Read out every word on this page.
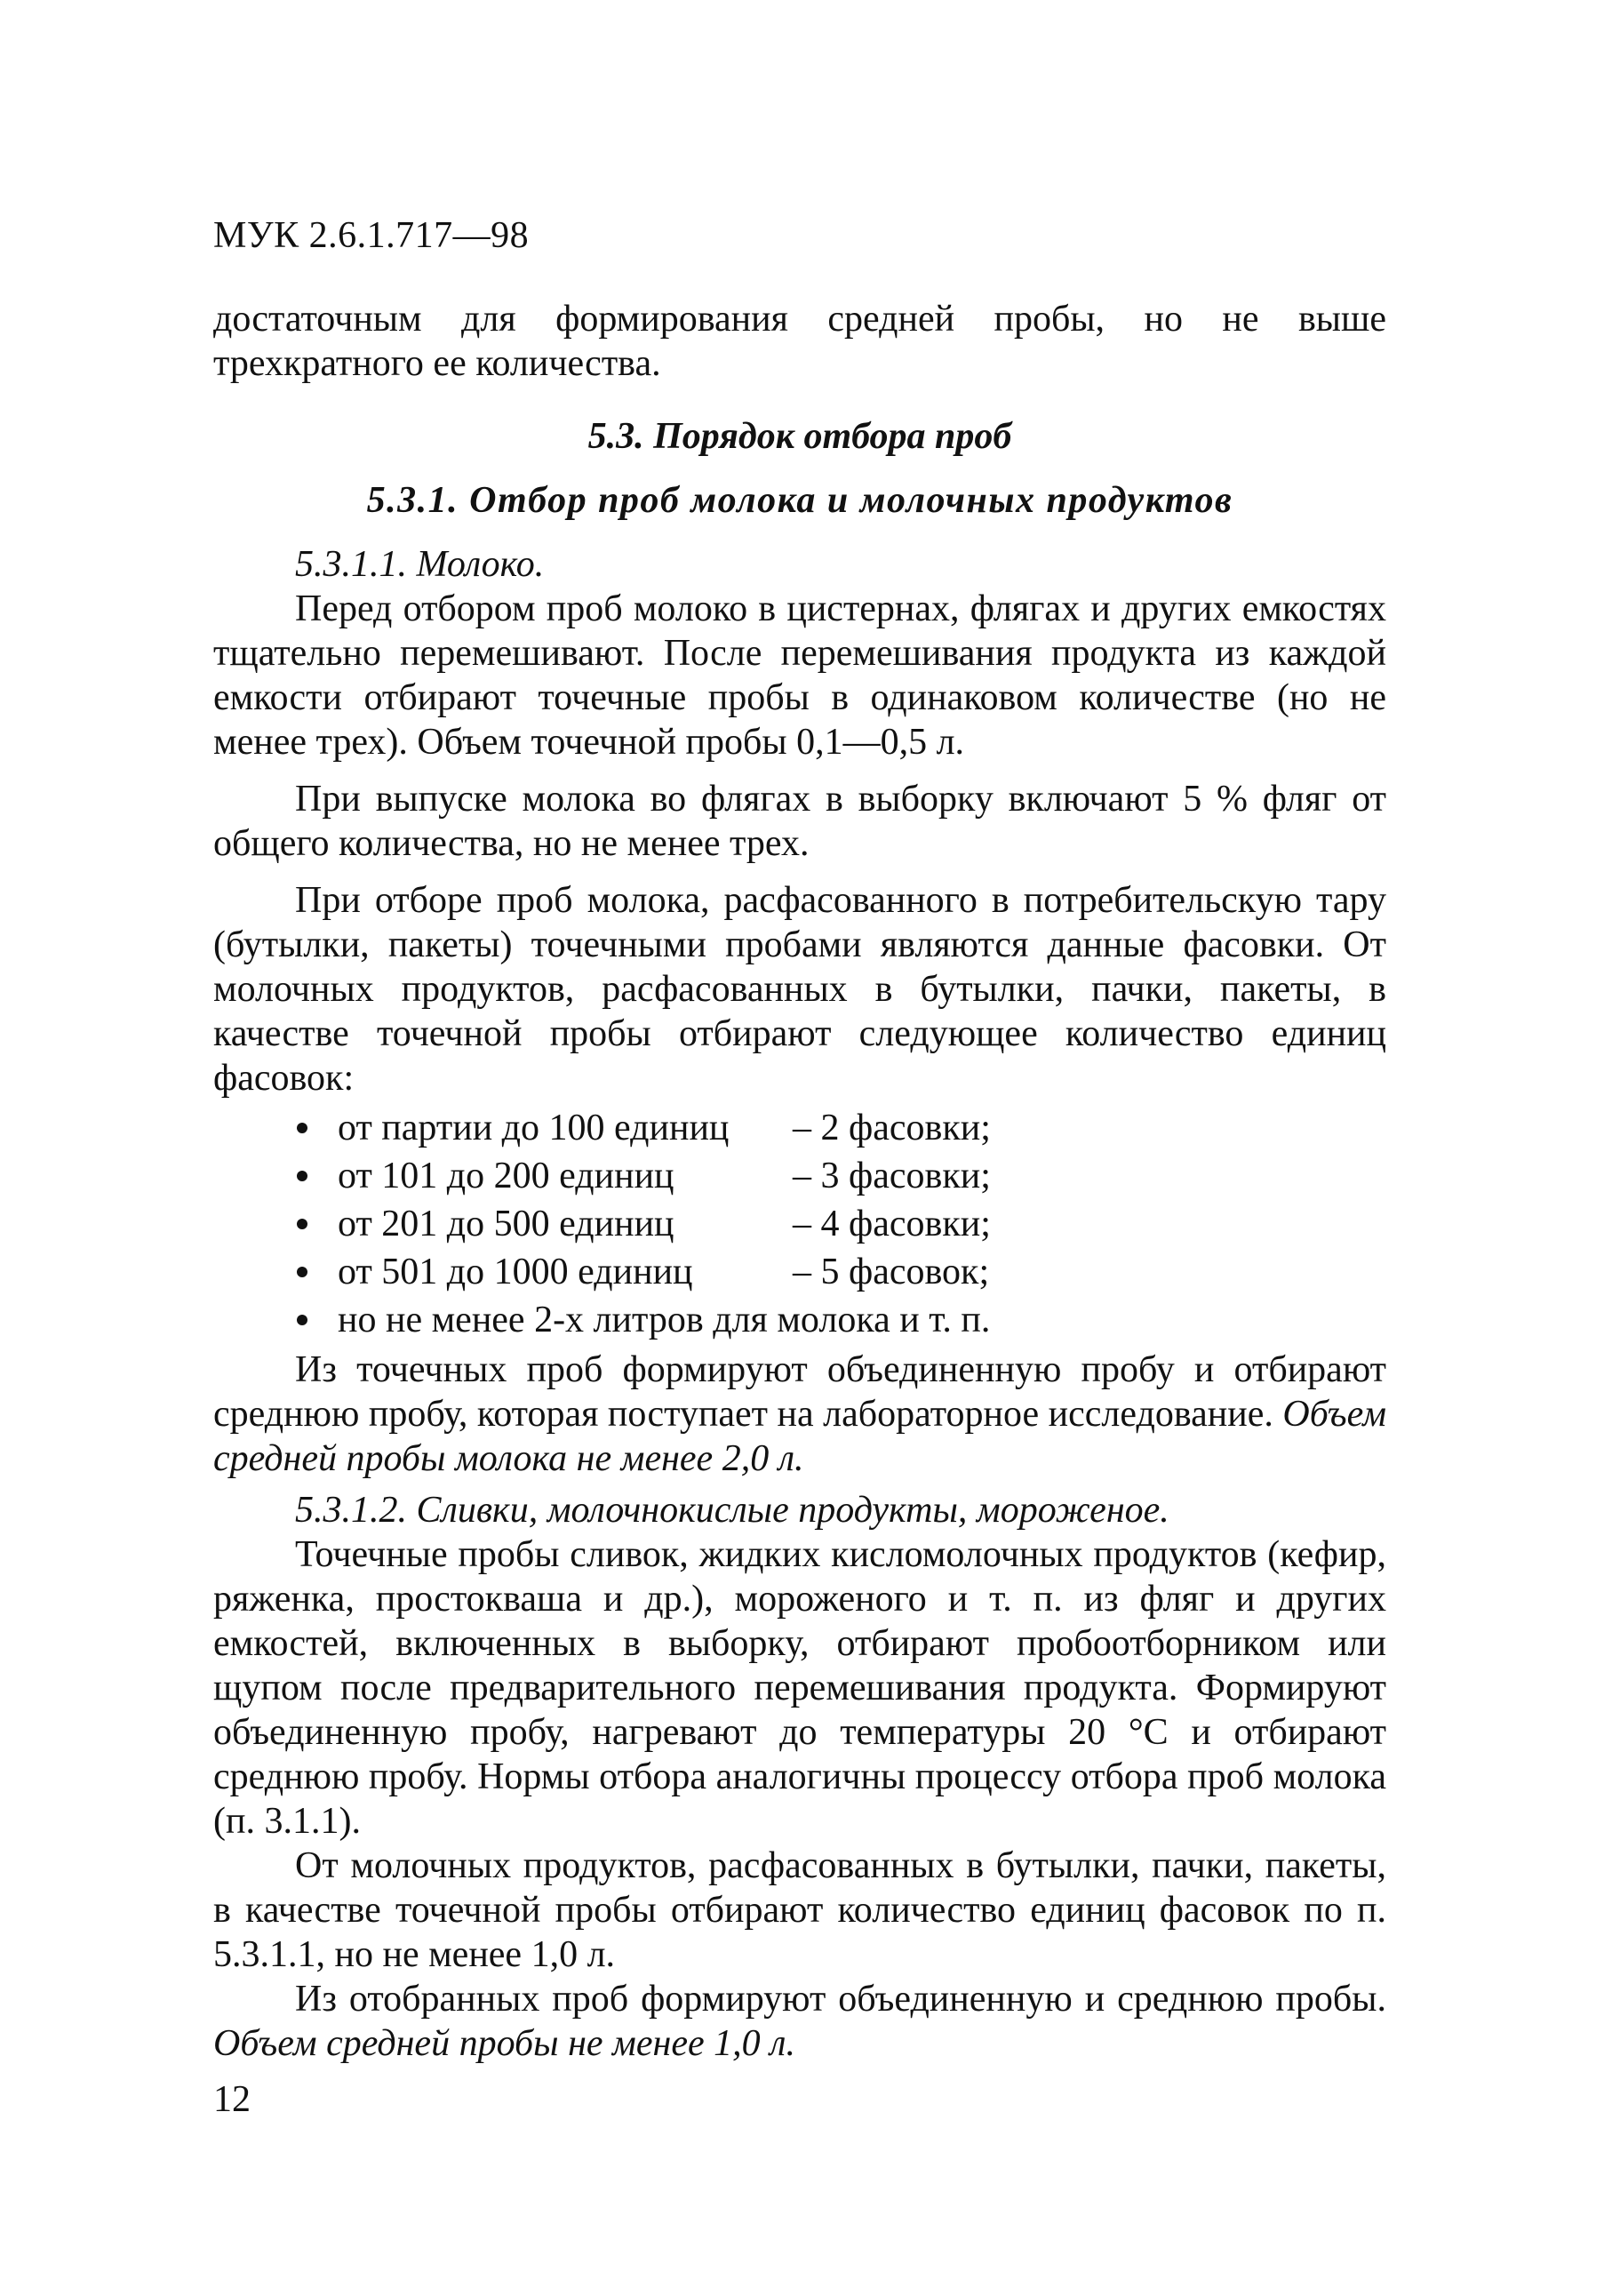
МУК 2.6.1.717—98

достаточным для формирования средней пробы, но не выше трехкратного ее количества.

5.3. Порядок отбора проб
5.3.1. Отбор проб молока и молочных продуктов

5.3.1.1. Молоко.

Перед отбором проб молоко в цистернах, флягах и других емкостях тщательно перемешивают. После перемешивания продукта из каждой емкости отбирают точечные пробы в одинаковом количестве (но не менее трех). Объем точечной пробы 0,1—0,5 л.

При выпуске молока во флягах в выборку включают 5 % фляг от общего количества, но не менее трех.

При отборе проб молока, расфасованного в потребительскую тару (бутылки, пакеты) точечными пробами являются данные фасовки. От молочных продуктов, расфасованных в бутылки, пачки, пакеты, в качестве точечной пробы отбирают следующее количество единиц фасовок:

от партии до 100 единиц – 2 фасовки;
от 101 до 200 единиц	– 3 фасовки;
от 201 до 500 единиц	– 4 фасовки;
от 501 до 1000 единиц	– 5 фасовок;
но не менее 2-х литров для молока и т. п.

Из точечных проб формируют объединенную пробу и отбирают среднюю пробу, которая поступает на лабораторное исследование. Объем средней пробы молока не менее 2,0 л.

5.3.1.2. Сливки, молочнокислые продукты, мороженое.

Точечные пробы сливок, жидких кисломолочных продуктов (кефир, ряженка, простокваша и др.), мороженого и т. п. из фляг и других емкостей, включенных в выборку, отбирают пробоотборником или щупом после предварительного перемешивания продукта. Формируют объединенную пробу, нагревают до температуры 20 °С и отбирают среднюю пробу. Нормы отбора аналогичны процессу отбора проб молока (п. 3.1.1).

От молочных продуктов, расфасованных в бутылки, пачки, пакеты, в качестве точечной пробы отбирают количество единиц фасовок по п. 5.3.1.1, но не менее 1,0 л.

Из отобранных проб формируют объединенную и среднюю пробы. Объем средней пробы не менее 1,0 л.

12
